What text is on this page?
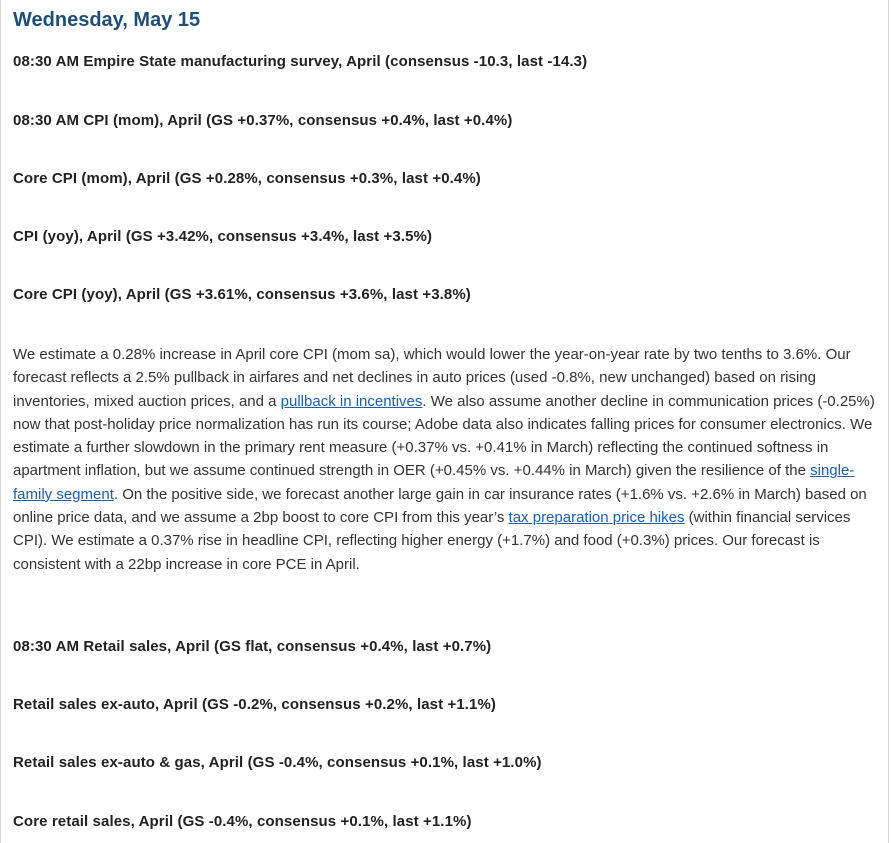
Wednesday, May 15
08:30 AM Empire State manufacturing survey, April (consensus -10.3, last -14.3)
08:30 AM CPI (mom), April (GS +0.37%, consensus +0.4%, last +0.4%)
Core CPI (mom), April (GS +0.28%, consensus +0.3%, last +0.4%)
CPI (yoy), April (GS +3.42%, consensus +3.4%, last +3.5%)
Core CPI (yoy), April (GS +3.61%, consensus +3.6%, last +3.8%)
We estimate a 0.28% increase in April core CPI (mom sa), which would lower the year-on-year rate by two tenths to 3.6%. Our forecast reflects a 2.5% pullback in airfares and net declines in auto prices (used -0.8%, new unchanged) based on rising inventories, mixed auction prices, and a pullback in incentives. We also assume another decline in communication prices (-0.25%) now that post-holiday price normalization has run its course; Adobe data also indicates falling prices for consumer electronics. We estimate a further slowdown in the primary rent measure (+0.37% vs. +0.41% in March) reflecting the continued softness in apartment inflation, but we assume continued strength in OER (+0.45% vs. +0.44% in March) given the resilience of the single-family segment. On the positive side, we forecast another large gain in car insurance rates (+1.6% vs. +2.6% in March) based on online price data, and we assume a 2bp boost to core CPI from this year’s tax preparation price hikes (within financial services CPI). We estimate a 0.37% rise in headline CPI, reflecting higher energy (+1.7%) and food (+0.3%) prices. Our forecast is consistent with a 22bp increase in core PCE in April.
08:30 AM Retail sales, April (GS flat, consensus +0.4%, last +0.7%)
Retail sales ex-auto, April (GS -0.2%, consensus +0.2%, last +1.1%)
Retail sales ex-auto & gas, April (GS -0.4%, consensus +0.1%, last +1.0%)
Core retail sales, April (GS -0.4%, consensus +0.1%, last +1.1%)
